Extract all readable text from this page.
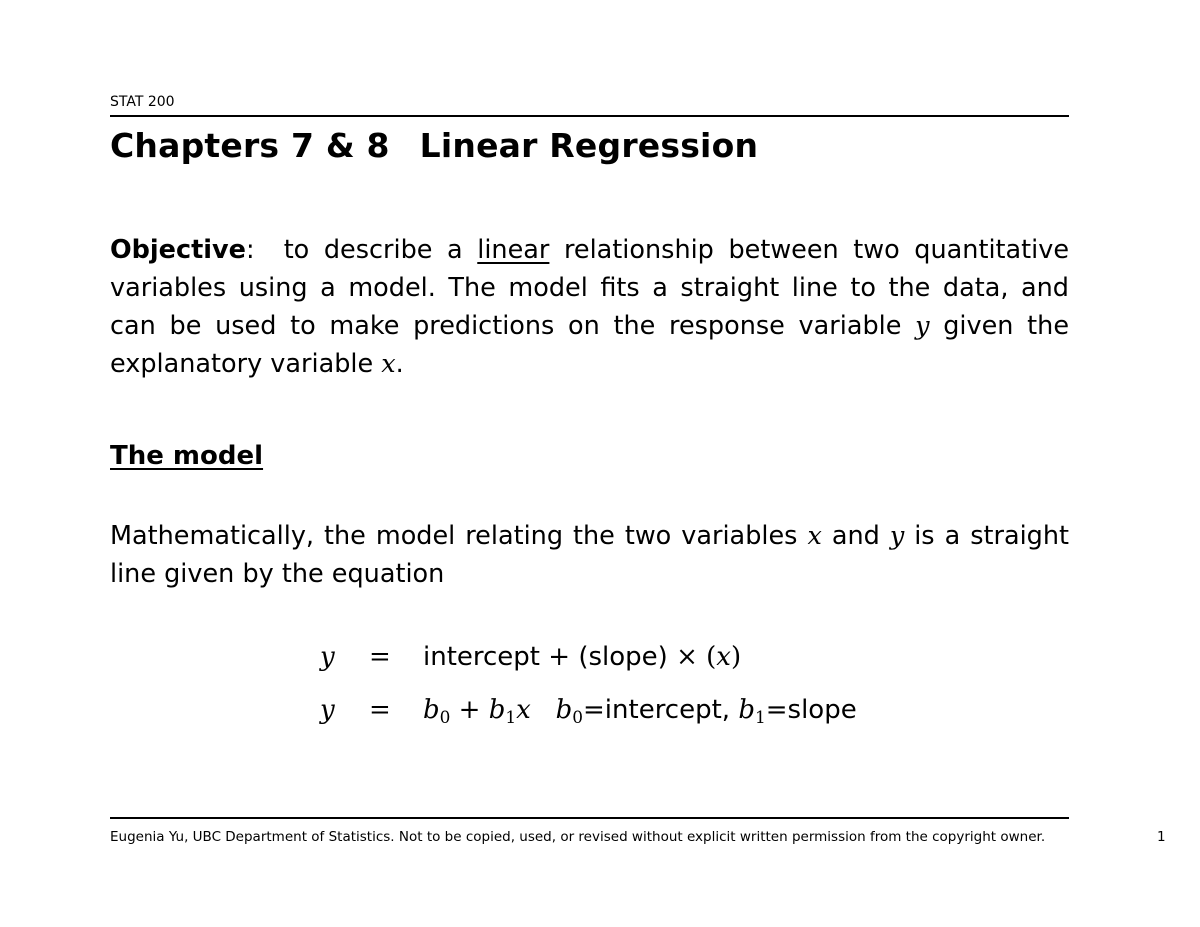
STAT 200
Chapters 7 & 8 Linear Regression
Objective: to describe a linear relationship between two quantitative
variables using a model. The model fits a straight line to the data, and
can be used to make predictions on the response variable y given the
explanatory variable x.
The model
Mathematically, the model relating the two variables x and y is a straight
line given by the equation
y = intercept + (slope) × (x)
$y = b_0 + b_1x$ $b_0=intercept$, $b_1=slope$
Eugenia Yu, UBC Department of Statistics. Not to be copied, used, or revised without explicit written permission from the copyright owner.	1
